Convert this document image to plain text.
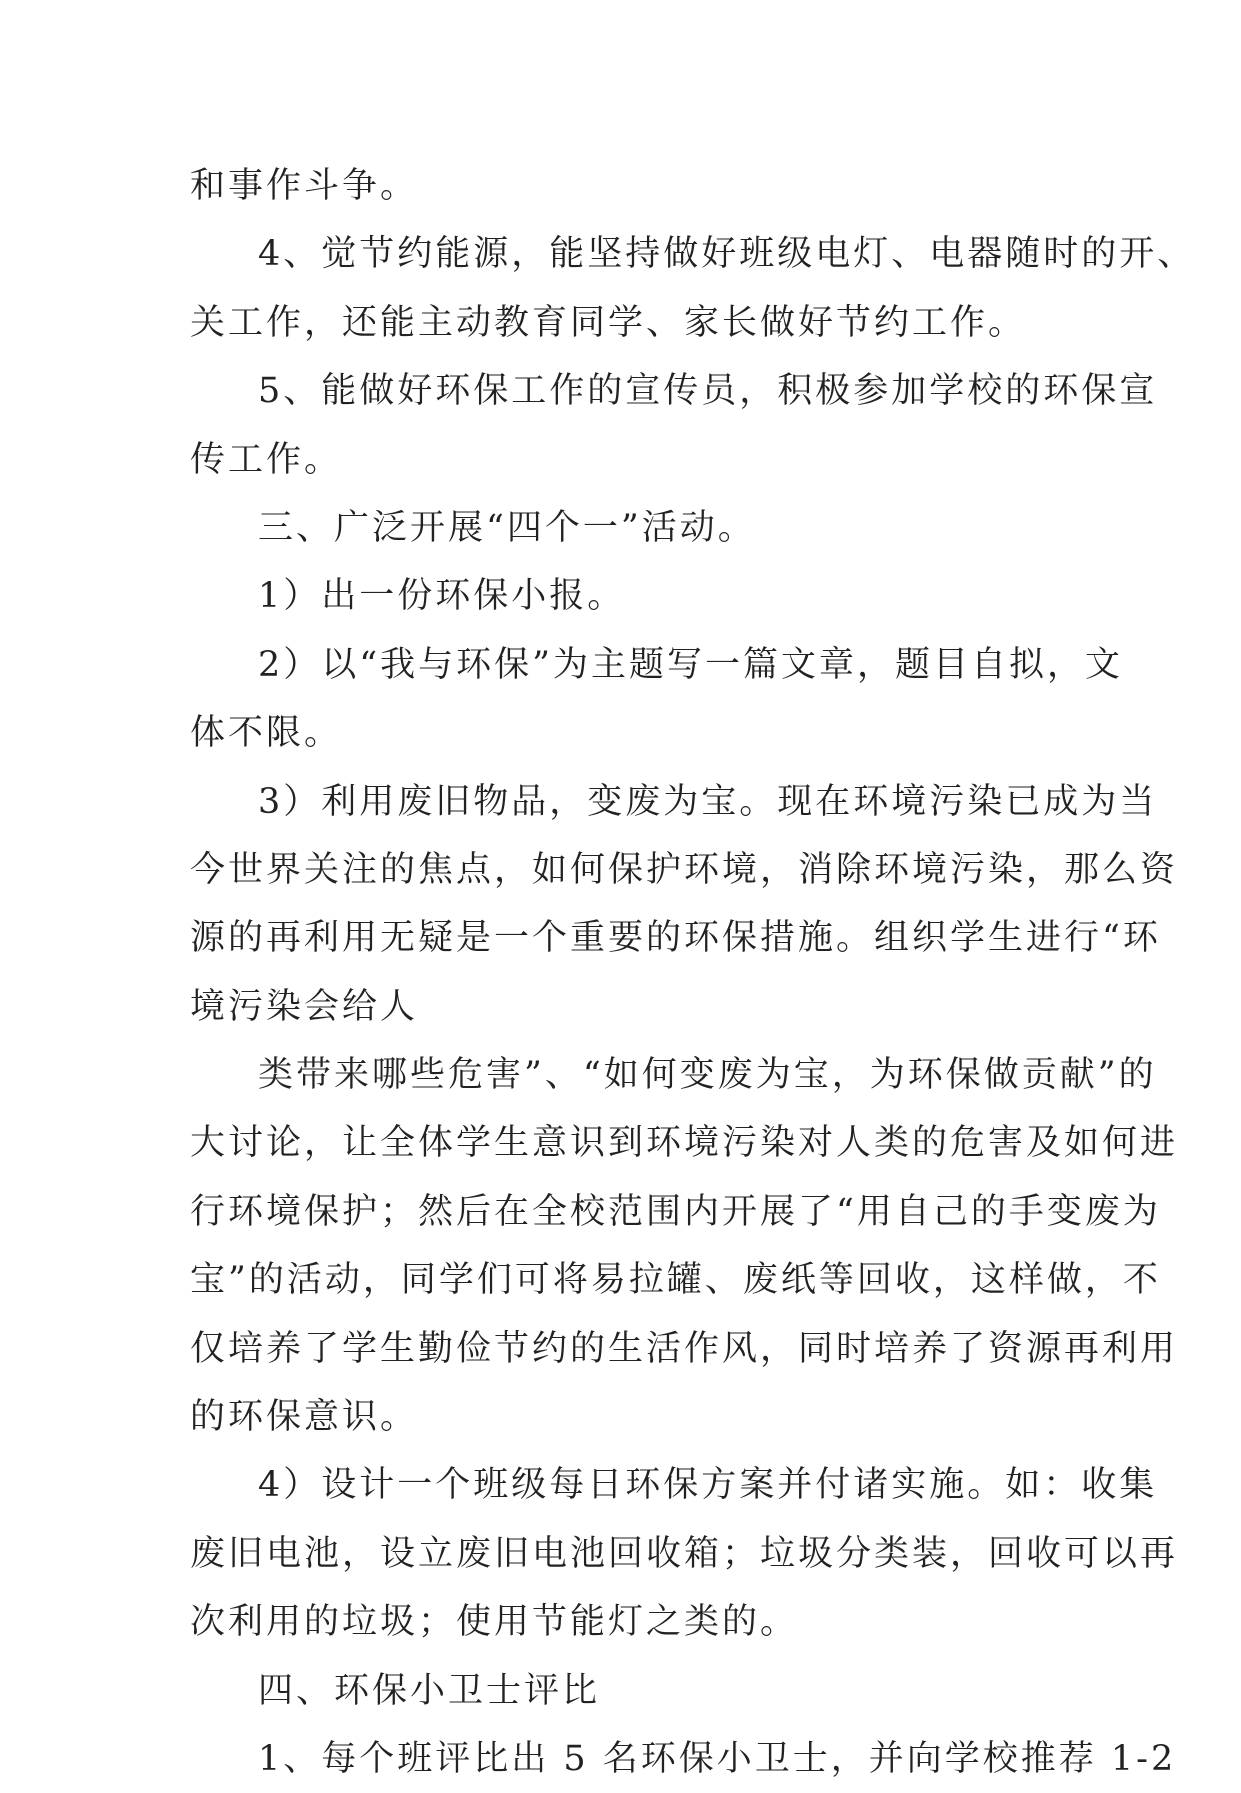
和事作斗争。
4、觉节约能源，能坚持做好班级电灯、电器随时的开、
关工作，还能主动教育同学、家长做好节约工作。
5、能做好环保工作的宣传员，积极参加学校的环保宣
传工作。
三、广泛开展“四个一”活动。
1）出一份环保小报。
2）以“我与环保”为主题写一篇文章，题目自拟，文
体不限。
3）利用废旧物品，变废为宝。现在环境污染已成为当
今世界关注的焦点，如何保护环境，消除环境污染，那么资
源的再利用无疑是一个重要的环保措施。组织学生进行“环
境污染会给人
类带来哪些危害”、“如何变废为宝，为环保做贡献”的
大讨论，让全体学生意识到环境污染对人类的危害及如何进
行环境保护；然后在全校范围内开展了“用自己的手变废为
宝”的活动，同学们可将易拉罐、废纸等回收，这样做，不
仅培养了学生勤俭节约的生活作风，同时培养了资源再利用
的环保意识。
4）设计一个班级每日环保方案并付诸实施。如：收集
废旧电池，设立废旧电池回收箱；垃圾分类装，回收可以再
次利用的垃圾；使用节能灯之类的。
四、环保小卫士评比
1、每个班评比出 5 名环保小卫士，并向学校推荐 1-2
